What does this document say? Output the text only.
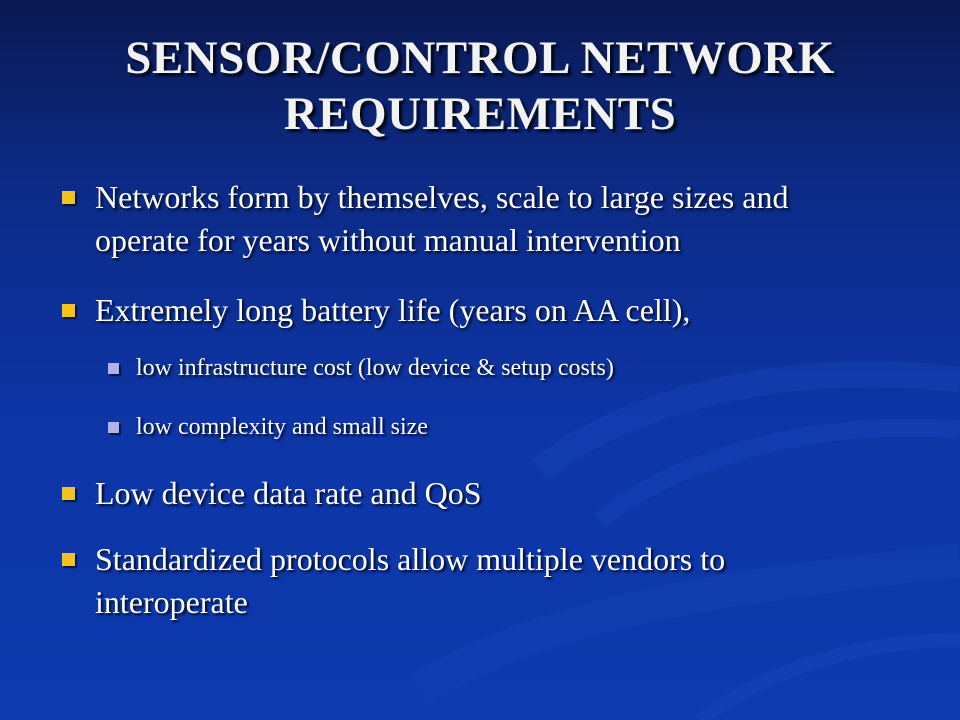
SENSOR/CONTROL NETWORK
REQUIREMENTS
Networks form by themselves, scale to large sizes and
operate for years without manual intervention
Extremely long battery life (years on AA cell),
low infrastructure cost (low device & setup costs)
low complexity and small size
Low device data rate and QoS
Standardized protocols allow multiple vendors to
interoperate
